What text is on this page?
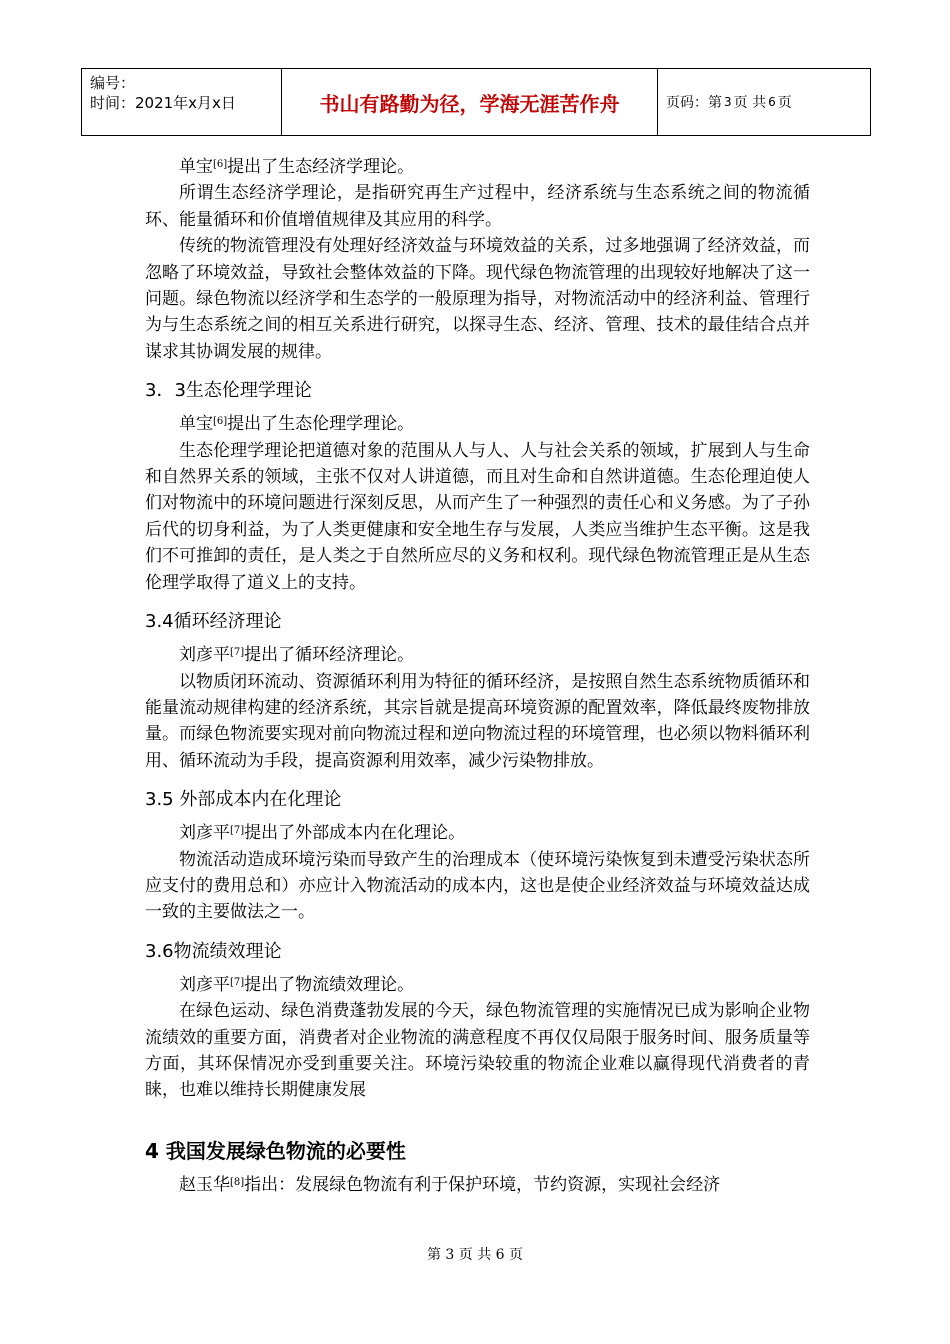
编号：
时间：2021年x月x日	书山有路勤为径，学海无涯苦作舟	页码：第 3 页 共 6 页

单宝[6]提出了生态经济学理论。

所谓生态经济学理论，是指研究再生产过程中，经济系统与生态系统之间的物流循环、能量循环和价值增值规律及其应用的科学。

传统的物流管理没有处理好经济效益与环境效益的关系，过多地强调了经济效益，而忽略了环境效益，导致社会整体效益的下降。现代绿色物流管理的出现较好地解决了这一问题。绿色物流以经济学和生态学的一般原理为指导，对物流活动中的经济利益、管理行为与生态系统之间的相互关系进行研究，以探寻生态、经济、管理、技术的最佳结合点并谋求其协调发展的规律。

3．3生态伦理学理论

单宝[6]提出了生态伦理学理论。

生态伦理学理论把道德对象的范围从人与人、人与社会关系的领域，扩展到人与生命和自然界关系的领域，主张不仅对人讲道德，而且对生命和自然讲道德。生态伦理迫使人们对物流中的环境问题进行深刻反思，从而产生了一种强烈的责任心和义务感。为了子孙后代的切身利益，为了人类更健康和安全地生存与发展，人类应当维护生态平衡。这是我们不可推卸的责任，是人类之于自然所应尽的义务和权利。现代绿色物流管理正是从生态伦理学取得了道义上的支持。

3.4循环经济理论

刘彦平[7]提出了循环经济理论。

以物质闭环流动、资源循环利用为特征的循环经济，是按照自然生态系统物质循环和能量流动规律构建的经济系统，其宗旨就是提高环境资源的配置效率，降低最终废物排放量。而绿色物流要实现对前向物流过程和逆向物流过程的环境管理，也必须以物料循环利用、循环流动为手段，提高资源利用效率，减少污染物排放。

3.5 外部成本内在化理论

刘彦平[7]提出了外部成本内在化理论。

物流活动造成环境污染而导致产生的治理成本（使环境污染恢复到未遭受污染状态所应支付的费用总和）亦应计入物流活动的成本内，这也是使企业经济效益与环境效益达成一致的主要做法之一。

3.6物流绩效理论

刘彦平[7]提出了物流绩效理论。

在绿色运动、绿色消费蓬勃发展的今天，绿色物流管理的实施情况已成为影响企业物流绩效的重要方面，消费者对企业物流的满意程度不再仅仅局限于服务时间、服务质量等方面，其环保情况亦受到重要关注。环境污染较重的物流企业难以赢得现代消费者的青睐，也难以维持长期健康发展

4 我国发展绿色物流的必要性

赵玉华[8]指出：发展绿色物流有利于保护环境，节约资源，实现社会经济

第 3 页 共 6 页
